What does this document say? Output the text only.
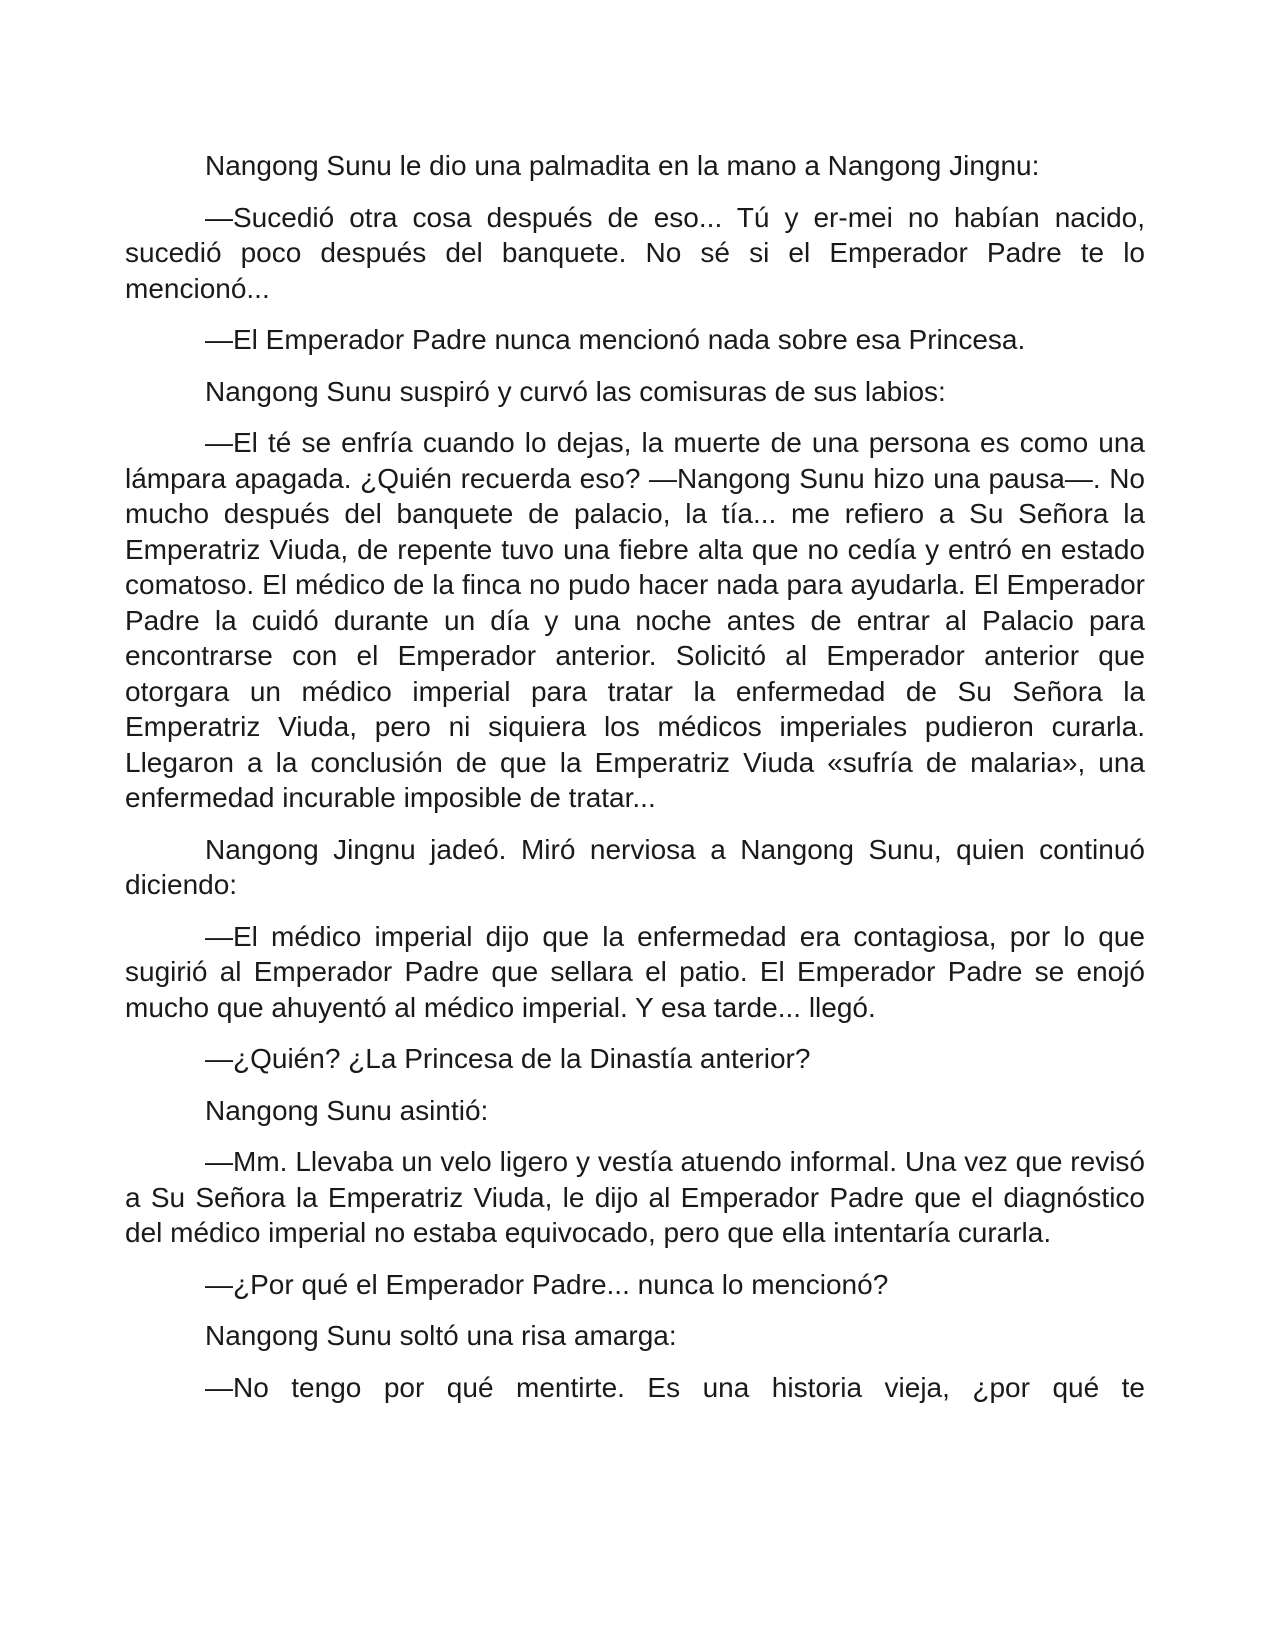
Nangong Sunu le dio una palmadita en la mano a Nangong Jingnu:

—Sucedió otra cosa después de eso... Tú y er-mei no habían nacido, sucedió poco después del banquete. No sé si el Emperador Padre te lo mencionó...

—El Emperador Padre nunca mencionó nada sobre esa Princesa.

Nangong Sunu suspiró y curvó las comisuras de sus labios:

—El té se enfría cuando lo dejas, la muerte de una persona es como una lámpara apagada. ¿Quién recuerda eso? —Nangong Sunu hizo una pausa—. No mucho después del banquete de palacio, la tía... me refiero a Su Señora la Emperatriz Viuda, de repente tuvo una fiebre alta que no cedía y entró en estado comatoso. El médico de la finca no pudo hacer nada para ayudarla. El Emperador Padre la cuidó durante un día y una noche antes de entrar al Palacio para encontrarse con el Emperador anterior. Solicitó al Emperador anterior que otorgara un médico imperial para tratar la enfermedad de Su Señora la Emperatriz Viuda, pero ni siquiera los médicos imperiales pudieron curarla. Llegaron a la conclusión de que la Emperatriz Viuda «sufría de malaria», una enfermedad incurable imposible de tratar...

Nangong Jingnu jadeó. Miró nerviosa a Nangong Sunu, quien continuó diciendo:

—El médico imperial dijo que la enfermedad era contagiosa, por lo que sugirió al Emperador Padre que sellara el patio. El Emperador Padre se enojó mucho que ahuyentó al médico imperial. Y esa tarde... llegó.

—¿Quién? ¿La Princesa de la Dinastía anterior?

Nangong Sunu asintió:

—Mm. Llevaba un velo ligero y vestía atuendo informal. Una vez que revisó a Su Señora la Emperatriz Viuda, le dijo al Emperador Padre que el diagnóstico del médico imperial no estaba equivocado, pero que ella intentaría curarla.

—¿Por qué el Emperador Padre... nunca lo mencionó?

Nangong Sunu soltó una risa amarga:

—No tengo por qué mentirte. Es una historia vieja, ¿por qué te
